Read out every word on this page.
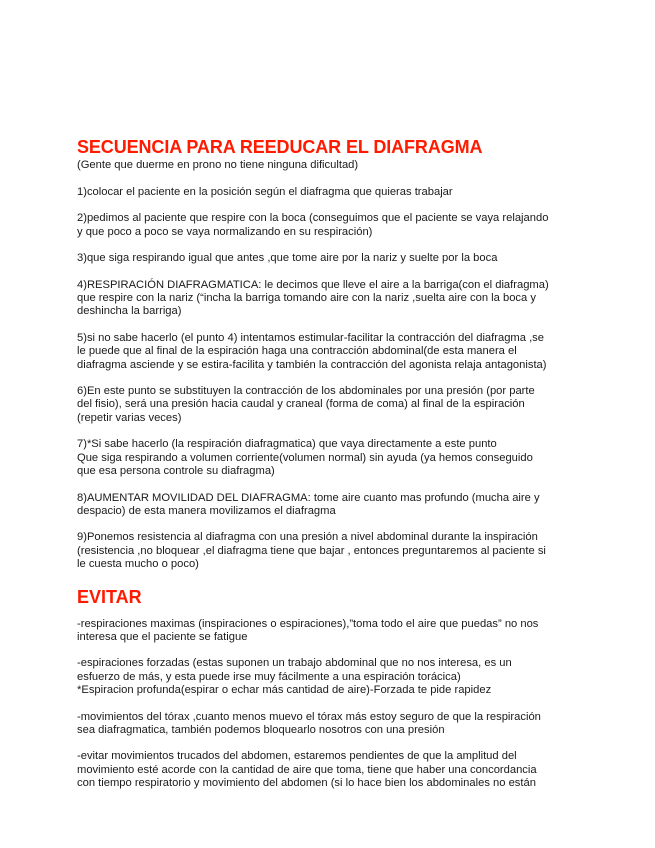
SECUENCIA PARA REEDUCAR EL DIAFRAGMA

(Gente que duerme en prono no tiene ninguna dificultad)

1)colocar el paciente en la posición según el diafragma que quieras trabajar

2)pedimos al paciente que respire con la boca (conseguimos que el paciente se vaya relajando
y que poco a poco se vaya normalizando en su respiración)

3)que siga respirando igual que antes ,que tome aire por la nariz y suelte por la boca

4)RESPIRACIÓN DIAFRAGMATICA: le decimos que lleve el aire a la barriga(con el diafragma)
que respire con la nariz (“incha la barriga tomando aire con la nariz ,suelta aire con la boca y
deshincha la barriga)

5)si no sabe hacerlo (el punto 4) intentamos estimular-facilitar la contracción del diafragma ,se
le puede que al final de la espiración haga una contracción abdominal(de esta manera el
diafragma asciende y se estira-facilita y también la contracción del agonista relaja antagonista)

6)En este punto se substituyen la contracción de los abdominales por una presión (por parte
del fisio), será una presión hacia caudal y craneal (forma de coma) al final de la espiración
(repetir varias veces)

7)*Si sabe hacerlo (la respiración diafragmatica) que vaya directamente a este punto
Que siga respirando a volumen corriente(volumen normal) sin ayuda (ya hemos conseguido
que esa persona controle su diafragma)

8)AUMENTAR MOVILIDAD DEL DIAFRAGMA: tome aire cuanto mas profundo (mucha aire y
despacio) de esta manera movilizamos el diafragma

9)Ponemos resistencia al diafragma con una presión a nivel abdominal durante la inspiración
(resistencia ,no bloquear ,el diafragma tiene que bajar , entonces preguntaremos al paciente si
le cuesta mucho o poco)

EVITAR

-respiraciones maximas (inspiraciones o espiraciones),”toma todo el aire que puedas” no nos
interesa que el paciente se fatigue

-espiraciones forzadas (estas suponen un trabajo abdominal que no nos interesa, es un
esfuerzo de más, y esta puede irse muy fácilmente a una espiración torácica)
*Espiracion profunda(espirar o echar más cantidad de aire)-Forzada te pide rapidez

-movimientos del tórax ,cuanto menos muevo el tórax más estoy seguro de que la respiración
sea diafragmatica, también podemos bloquearlo nosotros con una presión

-evitar movimientos trucados del abdomen, estaremos pendientes de que la amplitud del
movimiento esté acorde con la cantidad de aire que toma, tiene que haber una concordancia
con tiempo respiratorio y movimiento del abdomen (si lo hace bien los abdominales no están
